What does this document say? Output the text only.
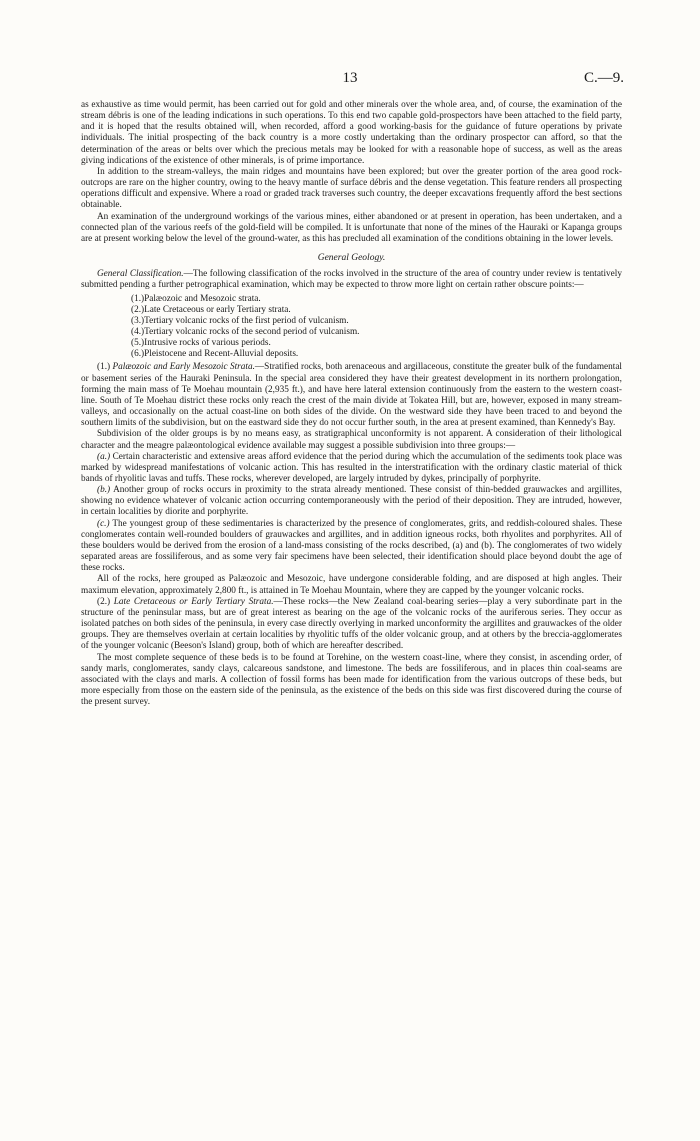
13	C.—9.

as exhaustive as time would permit, has been carried out for gold and other minerals over the whole area, and, of course, the examination of the stream débris is one of the leading indications in such operations. To this end two capable gold-prospectors have been attached to the field party, and it is hoped that the results obtained will, when recorded, afford a good working-basis for the guidance of future operations by private individuals. The initial prospecting of the back country is a more costly undertaking than the ordinary prospector can afford, so that the determination of the areas or belts over which the precious metals may be looked for with a reasonable hope of success, as well as the areas giving indications of the existence of other minerals, is of prime importance.

In addition to the stream-valleys, the main ridges and mountains have been explored; but over the greater portion of the area good rock-outcrops are rare on the higher country, owing to the heavy mantle of surface débris and the dense vegetation. This feature renders all prospecting operations difficult and expensive. Where a road or graded track traverses such country, the deeper excavations frequently afford the best sections obtainable.

An examination of the underground workings of the various mines, either abandoned or at present in operation, has been undertaken, and a connected plan of the various reefs of the gold-field will be compiled. It is unfortunate that none of the mines of the Hauraki or Kapanga groups are at present working below the level of the ground-water, as this has precluded all examination of the conditions obtaining in the lower levels.

General Geology.

General Classification.—The following classification of the rocks involved in the structure of the area of country under review is tentatively submitted pending a further petrographical examination, which may be expected to throw more light on certain rather obscure points:—

(1.)Palæozoic and Mesozoic strata.
(2.)Late Cretaceous or early Tertiary strata.
(3.)Tertiary volcanic rocks of the first period of vulcanism.
(4.)Tertiary volcanic rocks of the second period of vulcanism.
(5.)Intrusive rocks of various periods.
(6.)Pleistocene and Recent-Alluvial deposits.

(1.) Palæozoic and Early Mesozoic Strata.—Stratified rocks, both arenaceous and argillaceous, constitute the greater bulk of the fundamental or basement series of the Hauraki Peninsula. In the special area considered they have their greatest development in its northern prolongation, forming the main mass of Te Moehau mountain (2,935 ft.), and have here lateral extension continuously from the eastern to the western coast-line. South of Te Moehau district these rocks only reach the crest of the main divide at Tokatea Hill, but are, however, exposed in many stream-valleys, and occasionally on the actual coast-line on both sides of the divide. On the westward side they have been traced to and beyond the southern limits of the subdivision, but on the eastward side they do not occur further south, in the area at present examined, than Kennedy's Bay.

Subdivision of the older groups is by no means easy, as stratigraphical unconformity is not apparent. A consideration of their lithological character and the meagre palæontological evidence available may suggest a possible subdivision into three groups:—

(a.) Certain characteristic and extensive areas afford evidence that the period during which the accumulation of the sediments took place was marked by widespread manifestations of volcanic action. This has resulted in the interstratification with the ordinary clastic material of thick bands of rhyolitic lavas and tuffs. These rocks, wherever developed, are largely intruded by dykes, principally of porphyrite.

(b.) Another group of rocks occurs in proximity to the strata already mentioned. These consist of thin-bedded grauwackes and argillites, showing no evidence whatever of volcanic action occurring contemporaneously with the period of their deposition. They are intruded, however, in certain localities by diorite and porphyrite.

(c.) The youngest group of these sedimentaries is characterized by the presence of conglomerates, grits, and reddish-coloured shales. These conglomerates contain well-rounded boulders of grauwackes and argillites, and in addition igneous rocks, both rhyolites and porphyrites. All of these boulders would be derived from the erosion of a land-mass consisting of the rocks described, (a) and (b). The conglomerates of two widely separated areas are fossiliferous, and as some very fair specimens have been selected, their identification should place beyond doubt the age of these rocks.

All of the rocks, here grouped as Palæozoic and Mesozoic, have undergone considerable folding, and are disposed at high angles. Their maximum elevation, approximately 2,800 ft., is attained in Te Moehau Mountain, where they are capped by the younger volcanic rocks.

(2.) Late Cretaceous or Early Tertiary Strata.—These rocks—the New Zealand coal-bearing series—play a very subordinate part in the structure of the peninsular mass, but are of great interest as bearing on the age of the volcanic rocks of the auriferous series. They occur as isolated patches on both sides of the peninsula, in every case directly overlying in marked unconformity the argillites and grauwackes of the older groups. They are themselves overlain at certain localities by rhyolitic tuffs of the older volcanic group, and at others by the breccia-agglomerates of the younger volcanic (Beeson's Island) group, both of which are hereafter described.

The most complete sequence of these beds is to be found at Torehine, on the western coast-line, where they consist, in ascending order, of sandy marls, conglomerates, sandy clays, calcareous sandstone, and limestone. The beds are fossiliferous, and in places thin coal-seams are associated with the clays and marls. A collection of fossil forms has been made for identification from the various outcrops of these beds, but more especially from those on the eastern side of the peninsula, as the existence of the beds on this side was first discovered during the course of the present survey.
